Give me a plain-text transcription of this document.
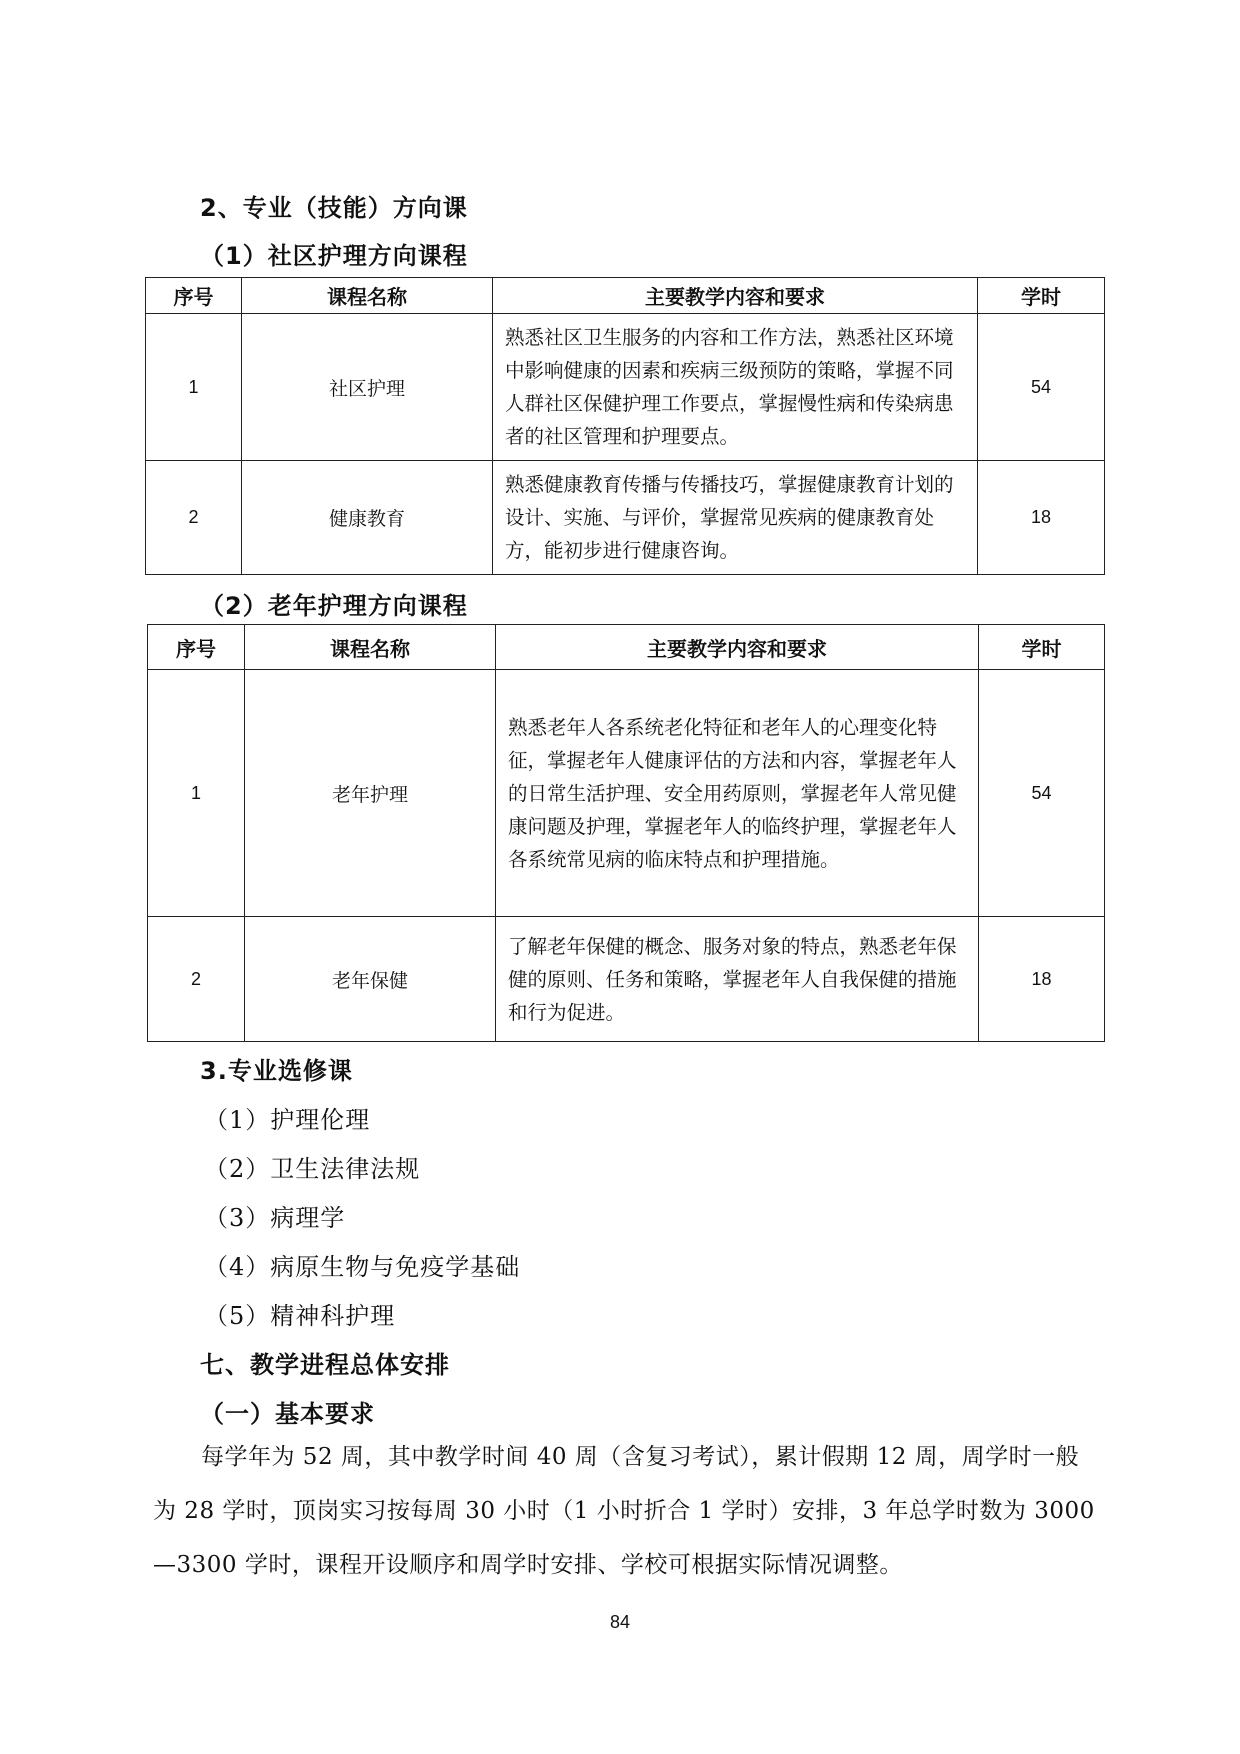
2、专业（技能）方向课
（1）社区护理方向课程
序号	课程名称	主要教学内容和要求	学时
1	社区护理	熟悉社区卫生服务的内容和工作方法，熟悉社区环境中影响健康的因素和疾病三级预防的策略，掌握不同人群社区保健护理工作要点，掌握慢性病和传染病患者的社区管理和护理要点。	54
2	健康教育	熟悉健康教育传播与传播技巧，掌握健康教育计划的设计、实施、与评价，掌握常见疾病的健康教育处方，能初步进行健康咨询。	18
（2）老年护理方向课程
序号	课程名称	主要教学内容和要求	学时
1	老年护理	熟悉老年人各系统老化特征和老年人的心理变化特征，掌握老年人健康评估的方法和内容，掌握老年人的日常生活护理、安全用药原则，掌握老年人常见健康问题及护理，掌握老年人的临终护理，掌握老年人 各系统常见病的临床特点和护理措施。	54
2	老年保健	了解老年保健的概念、服务对象的特点，熟悉老年保健的原则、任务和策略，掌握老年人自我保健的措施和行为促进。	18
3.专业选修课
（1）护理伦理
（2）卫生法律法规
（3）病理学
（4）病原生物与免疫学基础
（5）精神科护理
七、教学进程总体安排
（一）基本要求
每学年为 52 周，其中教学时间 40 周（含复习考试），累计假期 12 周，周学时一般为 28 学时，顶岗实习按每周 30 小时（1 小时折合 1 学时）安排，3 年总学时数为 3000—3300 学时，课程开设顺序和周学时安排、学校可根据实际情况调整。
84
